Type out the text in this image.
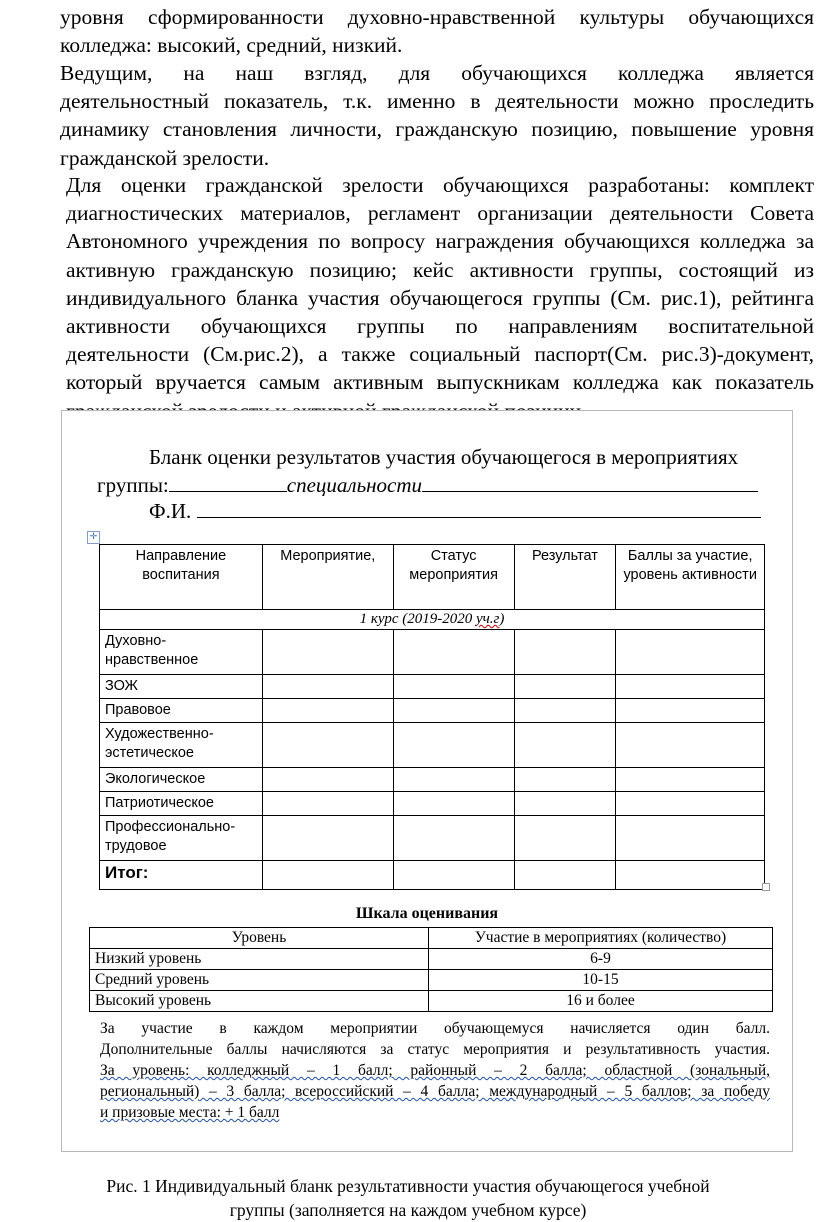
уровня сформированности духовно-нравственной культуры обучающихся
колледжа: высокий, средний, низкий.
Ведущим, на наш взгляд, для обучающихся колледжа является
деятельностный показатель, т.к. именно в деятельности можно проследить
динамику становления личности, гражданскую позицию, повышение уровня
гражданской зрелости.
Для оценки гражданской зрелости обучающихся разработаны: комплект
диагностических материалов, регламент организации деятельности Совета
Автономного учреждения по вопросу награждения обучающихся колледжа за
активную гражданскую позицию; кейс активности группы, состоящий из
индивидуального бланка участия обучающегося группы (См. рис.1), рейтинга
активности обучающихся группы по направлениям воспитательной
деятельности (См.рис.2), а также социальный паспорт(См. рис.3)-документ,
который вручается самым активным выпускникам колледжа как показатель
Бланк оценки результатов участия обучающегося в мероприятиях
группы:	специальности
Ф.И.
✛
Направление воспитания	Мероприятие,	Статус мероприятия	Результат	Баллы за участие, уровень активности
1 курс (2019-2020 уч.г)				
Духовно-нравственное				
ЗОЖ				
Правовое				
Художественно-эстетическое				
Экологическое				
Патриотическое				
Профессионально-трудовое				
Итог:				
Шкала оценивания
Уровень	Участие в мероприятиях (количество)
Низкий уровень	6-9
Средний уровень	10-15
Высокий уровень	16 и более
За участие в каждом мероприятии обучающемуся начисляется один балл.
Дополнительные баллы начисляются за статус мероприятия и результативность участия.
За уровень: колледжный – 1 балл; районный – 2 балла; областной (зональный,
региональный) – 3 балла; всероссийский – 4 балла; международный – 5 баллов; за победу
и призовые места: + 1 балл
Рис. 1 Индивидуальный бланк результативности участия обучающегося учебной
группы (заполняется на каждом учебном курсе)
